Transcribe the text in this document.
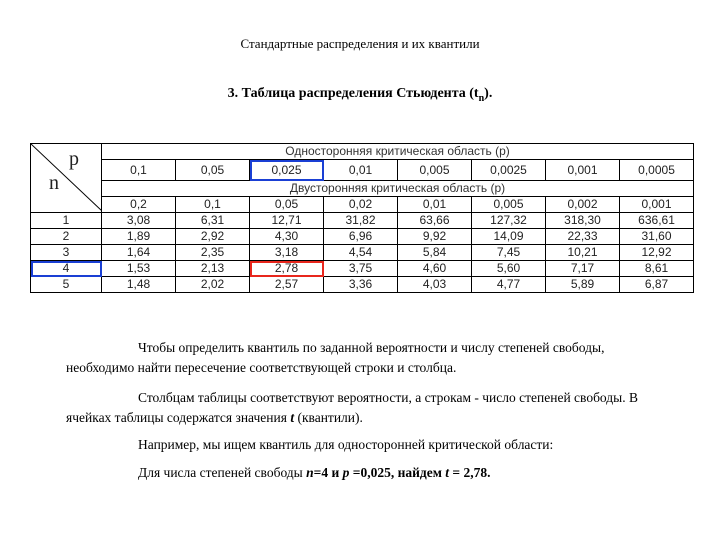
Стандартные распределения и их квантили
3. Таблица распределения Стьюдента $(t_n)$.
p
n	Односторонняя критическая область (p)							
	0,1	0,05	0,025	0,01	0,005	0,0025	0,001	0,0005
	Двусторонняя критическая область (p)							
	0,2	0,1	0,05	0,02	0,01	0,005	0,002	0,001
1	3,08	6,31	12,71	31,82	63,66	127,32	318,30	636,61
2	1,89	2,92	4,30	6,96	9,92	14,09	22,33	31,60
3	1,64	2,35	3,18	4,54	5,84	7,45	10,21	12,92
4	1,53	2,13	2,78	3,75	4,60	5,60	7,17	8,61
5	1,48	2,02	2,57	3,36	4,03	4,77	5,89	6,87
Чтобы определить квантиль по заданной вероятности и числу степеней свободы, необходимо найти пересечение соответствующей строки и столбца.
Столбцам таблицы соответствуют вероятности, а строкам - число степеней свободы. В ячейках таблицы содержатся значения t (квантили).
Например, мы ищем квантиль для односторонней критической области:
Для числа степеней свободы n=4 и p =0,025, найдем t = 2,78.
